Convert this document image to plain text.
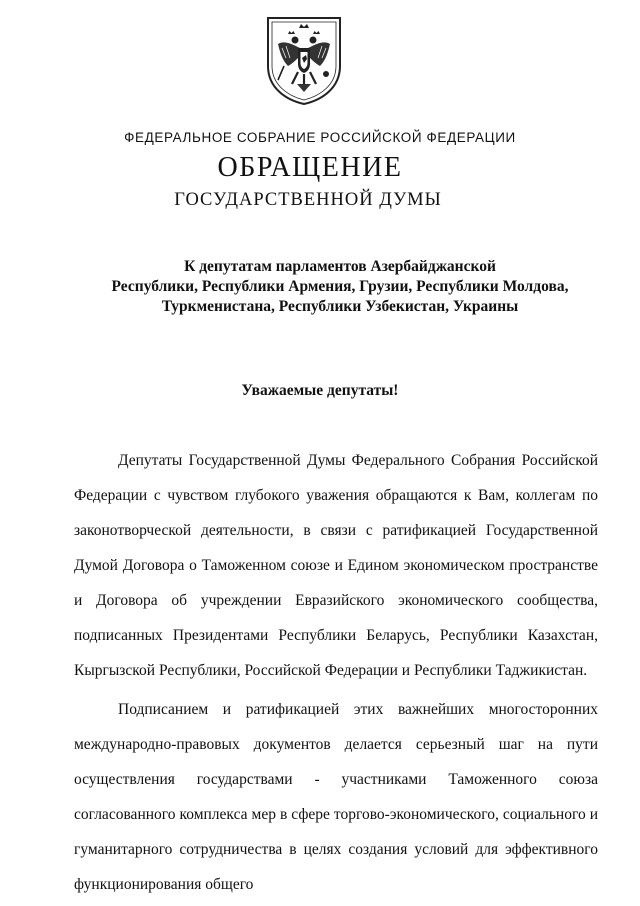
ФЕДЕРАЛЬНОЕ СОБРАНИЕ РОССИЙСКОЙ ФЕДЕРАЦИИ
ОБРАЩЕНИЕ
ГОСУДАРСТВЕННОЙ ДУМЫ
К депутатам парламентов Азербайджанской
Республики, Республики Армения, Грузии, Республики Молдова,
Туркменистана, Республики Узбекистан, Украины
Уважаемые депутаты!

Депутаты Государственной Думы Федерального Собрания Российской Федерации с чувством глубокого уважения обращаются к Вам, коллегам по законотворческой деятельности, в связи с ратификацией Государственной Думой Договора о Таможенном союзе и Едином экономическом пространстве и Договора об учреждении Евразийского экономического сообщества, подписанных Президентами Республики Беларусь, Республики Казахстан, Кыргызской Республики, Российской Федерации и Республики Таджикистан.

Подписанием и ратификацией этих важнейших многосторонних международно-правовых документов делается серьезный шаг на пути осуществления государствами - участниками Таможенного союза согласованного комплекса мер в сфере торгово-экономического, социального и гуманитарного сотрудничества в целях создания условий для эффективного функционирования общего
